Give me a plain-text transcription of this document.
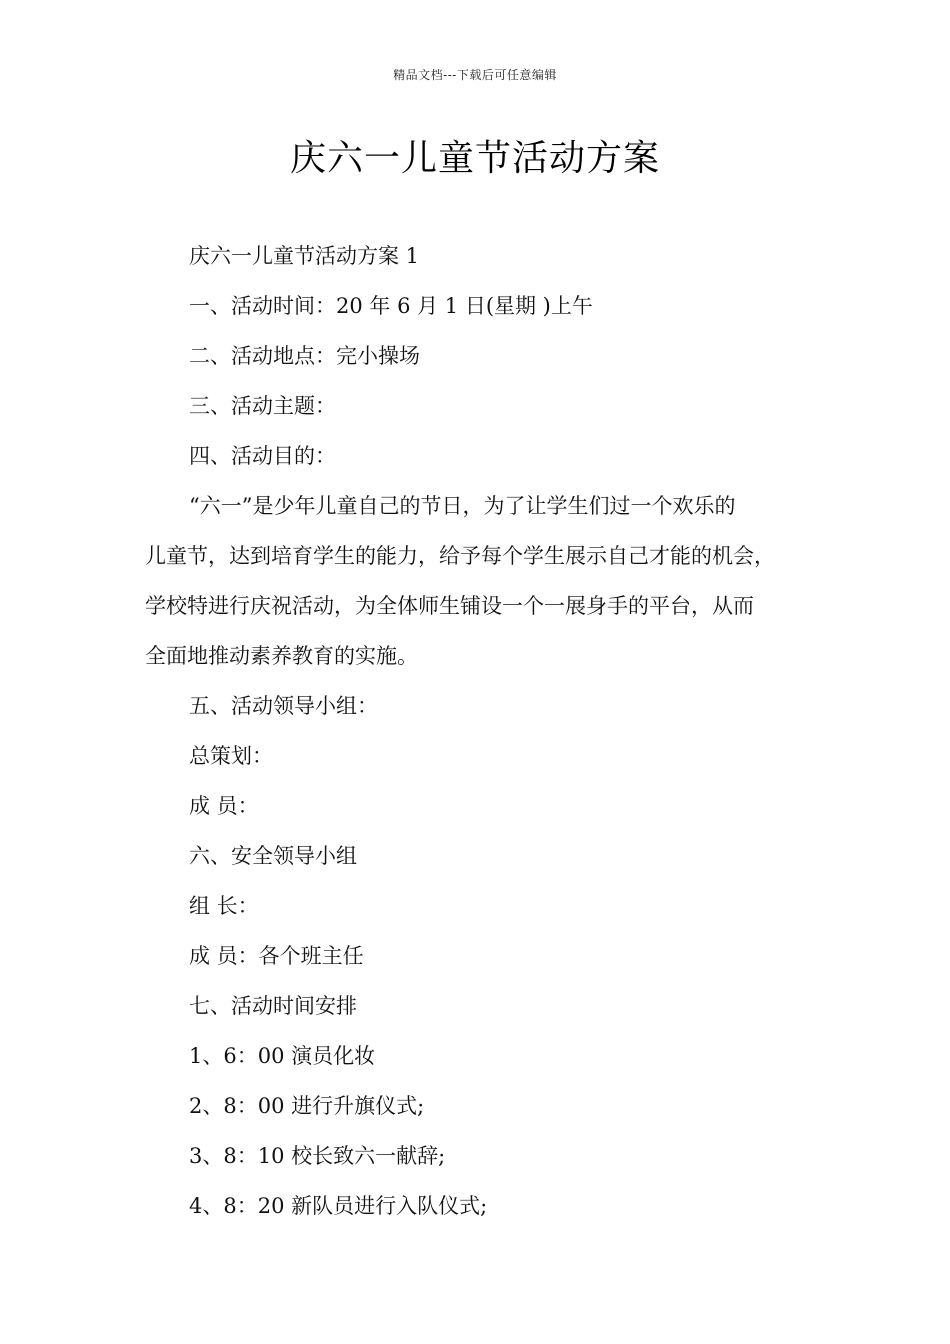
精品文档---下载后可任意编辑
庆六一儿童节活动方案
庆六一儿童节活动方案 1
一、活动时间：20 年 6 月 1 日(星期 )上午
二、活动地点：完小操场
三、活动主题：
四、活动目的：
“六一”是少年儿童自己的节日，为了让学生们过一个欢乐的
儿童节，达到培育学生的能力，给予每个学生展示自己才能的机会，
学校特进行庆祝活动，为全体师生铺设一个一展身手的平台，从而
全面地推动素养教育的实施。
五、活动领导小组：
总策划：
成 员：
六、安全领导小组
组 长：
成 员：各个班主任
七、活动时间安排
1、6：00 演员化妆
2、8：00 进行升旗仪式;
3、8：10 校长致六一献辞;
4、8：20 新队员进行入队仪式;
